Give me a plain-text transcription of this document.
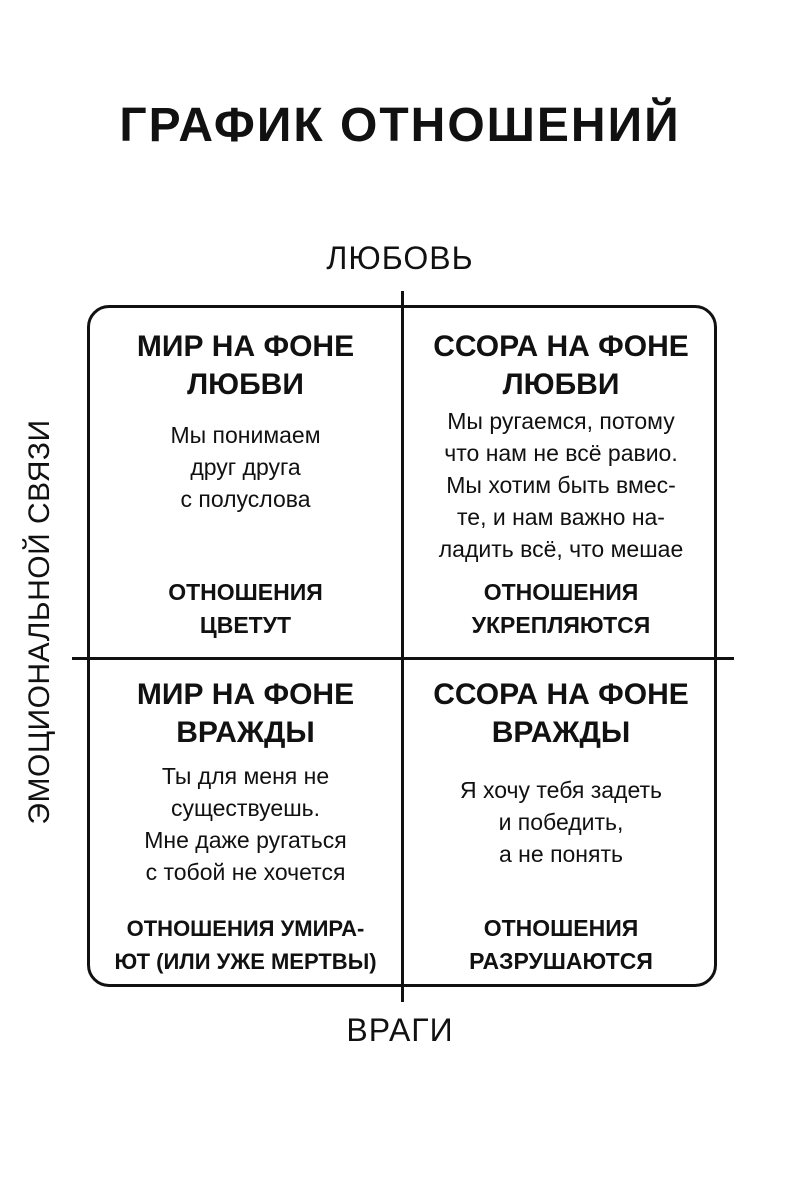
ГРАФИК ОТНОШЕНИЙ
ЛЮБОВЬ
ВРАГИ
ЭМОЦИОНАЛЬНОЙ СВЯЗИ
МИР НА ФОНЕ
ЛЮБВИ
Мы понимаем
друг друга
с полуслова
ОТНОШЕНИЯ
ЦВЕТУТ
ССОРА НА ФОНЕ
ЛЮБВИ
Мы ругаемся, потому
что нам не всё равио.
Мы хотим быть вмес-
те, и нам важно на-
ладить всё, что мешае
ОТНОШЕНИЯ
УКРЕПЛЯЮТСЯ
МИР НА ФОНЕ
ВРАЖДЫ
Ты для меня не
существуешь.
Мне даже ругаться
с тобой не хочется
ОТНОШЕНИЯ УМИРА-
ЮТ (ИЛИ УЖЕ МЕРТВЫ)
ССОРА НА ФОНЕ
ВРАЖДЫ
Я хочу тебя задеть
и победить,
а не понять
ОТНОШЕНИЯ
РАЗРУШАЮТСЯ
